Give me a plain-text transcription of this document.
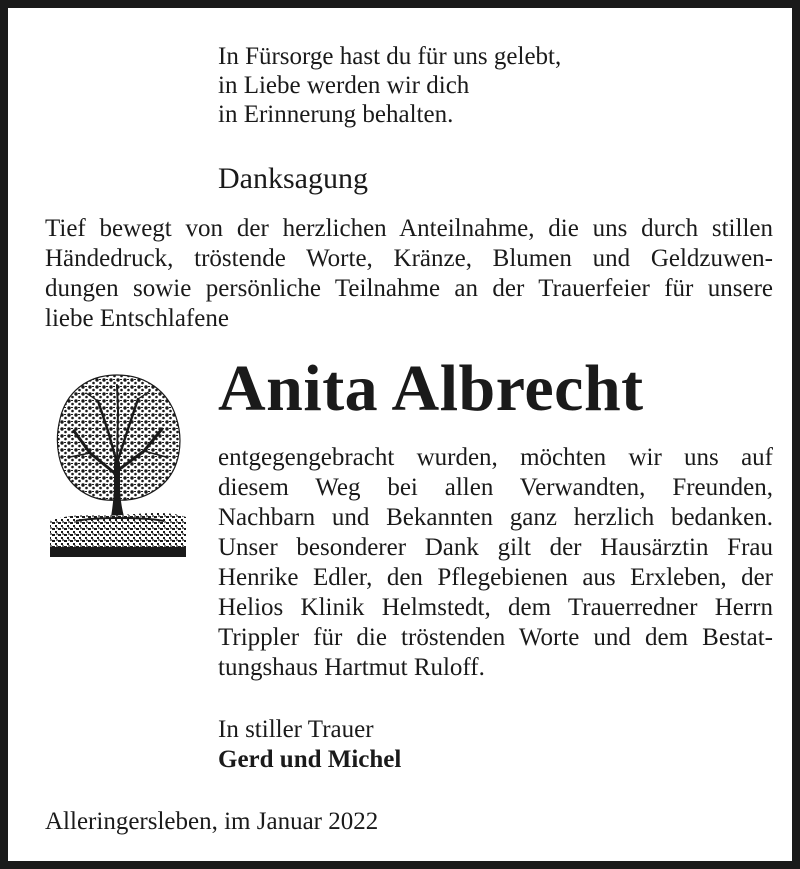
In Fürsorge hast du für uns gelebt,
in Liebe werden wir dich
in Erinnerung behalten.
Danksagung
Tief bewegt von der herzlichen Anteilnahme, die uns durch stillen
Händedruck, tröstende Worte, Kränze, Blumen und Geldzuwen-
dungen sowie persönliche Teilnahme an der Trauerfeier für unsere
liebe Entschlafene
Anita Albrecht
entgegengebracht wurden, möchten wir uns auf
diesem Weg bei allen Verwandten, Freunden,
Nachbarn und Bekannten ganz herzlich bedanken.
Unser besonderer Dank gilt der Hausärztin Frau
Henrike Edler, den Pflegebienen aus Erxleben, der
Helios Klinik Helmstedt, dem Trauerredner Herrn
Trippler für die tröstenden Worte und dem Bestat-
tungshaus Hartmut Ruloff.
In stiller Trauer
Gerd und Michel
Alleringersleben, im Januar 2022
